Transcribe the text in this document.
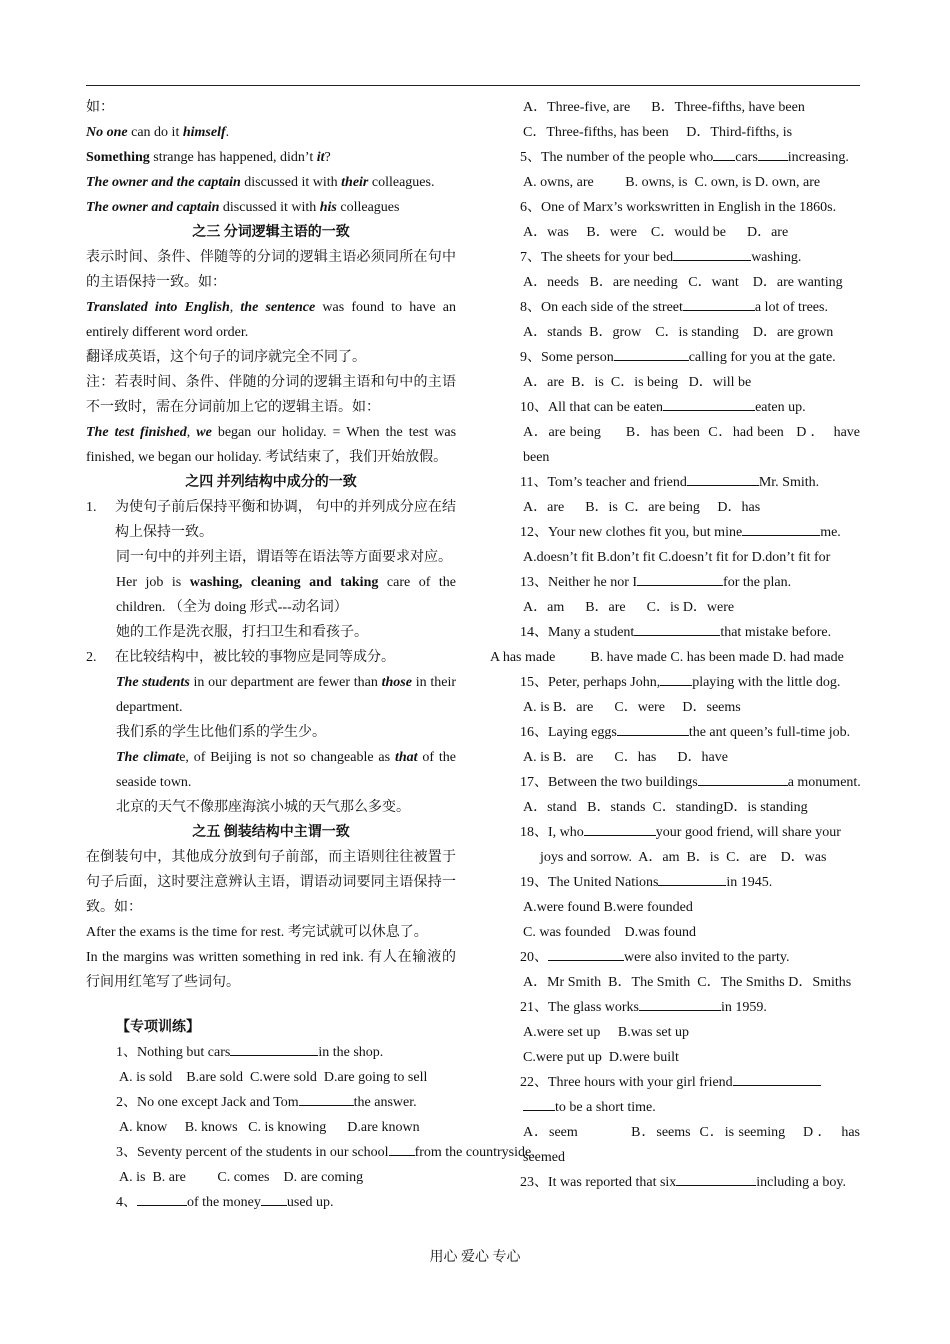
如：
No one can do it himself.
Something strange has happened, didn’t it?
The owner and the captain discussed it with their colleagues.
The owner and captain discussed it with his colleagues
之三 分词逻辑主语的一致
表示时间、条件、伴随等的分词的逻辑主语必须同所在句中的主语保持一致。如：
Translated into English, the sentence was found to have an entirely different word order.
翻译成英语，这个句子的词序就完全不同了。
注：若表时间、条件、伴随的分词的逻辑主语和句中的主语不一致时，需在分词前加上它的逻辑主语。如：
The test finished, we began our holiday. = When the test was finished, we began our holiday. 考试结束了，我们开始放假。
之四 并列结构中成分的一致
1.	为使句子前后保持平衡和协调， 句中的并列成分应在结构上保持一致。
同一句中的并列主语，谓语等在语法等方面要求对应。
Her job is washing, cleaning and taking care of the children. （全为 doing 形式---动名词）
她的工作是洗衣服，打扫卫生和看孩子。
2.	在比较结构中，被比较的事物应是同等成分。
The students in our department are fewer than those in their department.
我们系的学生比他们系的学生少。
The climate, of Beijing is not so changeable as that of the seaside town.
北京的天气不像那座海滨小城的天气那么多变。
之五 倒装结构中主谓一致
在倒装句中，其他成分放到句子前部，而主语则往往被置于句子后面，这时要注意辨认主语，谓语动词要同主语保持一致。如：
After the exams is the time for rest. 考完试就可以休息了。
In the margins was written something in red ink. 有人在输液的行间用红笔写了些词句。
【专项训练】
1、Nothing but cars	in the shop.
A. is sold    B.are sold  C.were sold  D.are going to sell
2、No one except Jack and Tom	the answer.
A. know     B. knows   C. is knowing      D.are known
3、Seventy percent of the students in our school from the countryside.
A. is  B. are         C. comes    D. are coming
4、	of the money used up.
A．Three-five, are      B．Three-fifths, have been
C．Three-fifths, has been     D．Third-fifths, is
5、The number of the people who cars increasing.
A. owns, are         B. owns, is  C. own, is D. own, are
6、One of Marx’s workswritten in English in the 1860s.
A．was     B．were    C．would be      D．are
7、The sheets for your bed	washing.
A．needs   B．are needing   C．want    D．are wanting
8、On each side of the street	a lot of trees.
A．stands  B．grow    C．is standing    D．are grown
9、Some person	calling for you at the gate.
A．are  B．is  C．is being   D．will be
10、All that can be eaten	eaten up.
A．are being      B．has been  C．had been   D ．  have been
11、Tom’s teacher and friend	Mr. Smith.
A．are      B．is  C．are being     D．has
12、Your new clothes fit you, but mine	me.
A.doesn’t fit B.don’t fit C.doesn’t fit for D.don’t fit for
13、Neither he nor I	for the plan.
A．am      B．are      C．is D．were
14、Many a student	that mistake before.
A has made          B. have made C. has been made D. had made
15、Peter, perhaps John, playing with the little dog.
A. is B．are      C．were     D．seems
16、Laying eggs	the ant queen’s full-time job.
A. is B．are      C．has      D．have
17、Between the two buildings	a monument.
A．stand   B．stands  C．standingD．is standing
18、I, who	your good friend, will share your
joys and sorrow.  A．am  B．is  C．are    D．was
19、The United Nations	in 1945.
A.were found B.were founded
C. was founded    D.was found
20、	were also invited to the party.
A．Mr Smith  B．The Smith  C．The Smiths D．Smiths
21、The glass works	in 1959.
A.were set up     B.was set up
C.were put up  D.were built
22、Three hours with your girl friend
to be a short time.
A．seem            B．seems  C．is seeming    D ．  has seemed
23、It was reported that six	including a boy.
用心 爱心 专心
